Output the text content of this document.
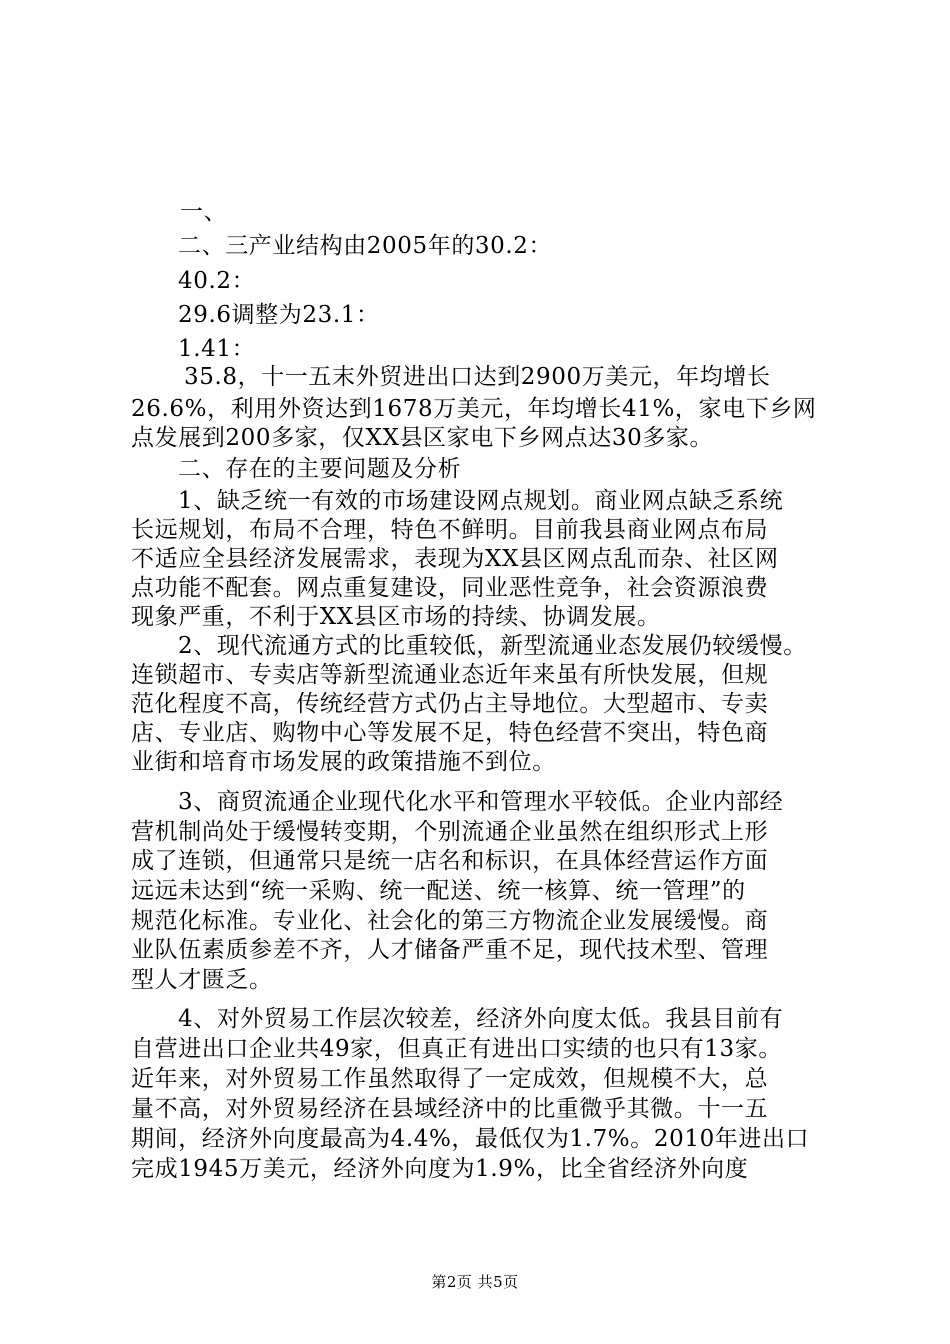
一、
二、三产业结构由2005年的30.2：
40.2：
29.6调整为23.1：
1.41：
35.8，十一五末外贸进出口达到2900万美元，年均增长
26.6%，利用外资达到1678万美元，年均增长41%，家电下乡网
点发展到200多家，仅XX县区家电下乡网点达30多家。
二、存在的主要问题及分析
1、缺乏统一有效的市场建设网点规划。商业网点缺乏系统
长远规划，布局不合理，特色不鲜明。目前我县商业网点布局
不适应全县经济发展需求，表现为XX县区网点乱而杂、社区网
点功能不配套。网点重复建设，同业恶性竞争，社会资源浪费
现象严重，不利于XX县区市场的持续、协调发展。
2、现代流通方式的比重较低，新型流通业态发展仍较缓慢。
连锁超市、专卖店等新型流通业态近年来虽有所快发展，但规
范化程度不高，传统经营方式仍占主导地位。大型超市、专卖
店、专业店、购物中心等发展不足，特色经营不突出，特色商
业街和培育市场发展的政策措施不到位。
3、商贸流通企业现代化水平和管理水平较低。企业内部经
营机制尚处于缓慢转变期，个别流通企业虽然在组织形式上形
成了连锁，但通常只是统一店名和标识，在具体经营运作方面
远远未达到“统一采购、统一配送、统一核算、统一管理”的
规范化标准。专业化、社会化的第三方物流企业发展缓慢。商
业队伍素质参差不齐，人才储备严重不足，现代技术型、管理
型人才匮乏。
4、对外贸易工作层次较差，经济外向度太低。我县目前有
自营进出口企业共49家，但真正有进出口实绩的也只有13家。
近年来，对外贸易工作虽然取得了一定成效，但规模不大，总
量不高，对外贸易经济在县域经济中的比重微乎其微。十一五
期间，经济外向度最高为4.4%，最低仅为1.7%。2010年进出口
完成1945万美元，经济外向度为1.9%，比全省经济外向度
第2页 共5页
